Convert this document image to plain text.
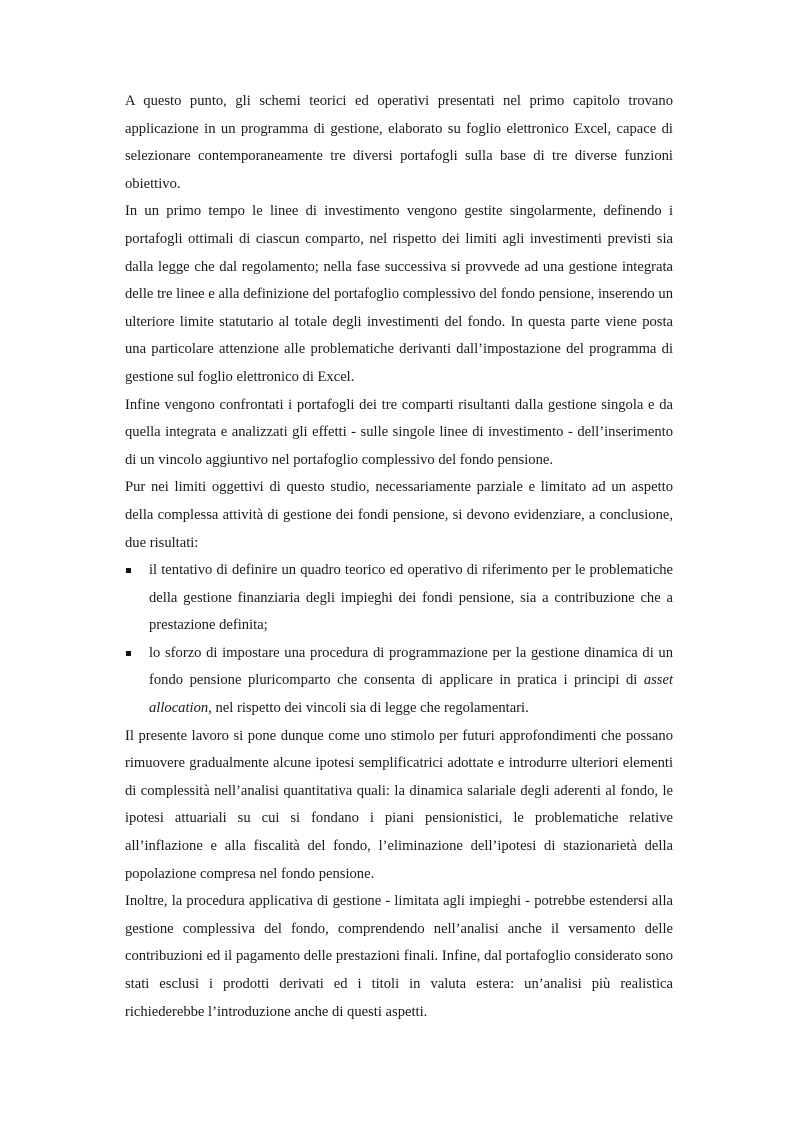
A questo punto, gli schemi teorici ed operativi presentati nel primo capitolo trovano applicazione in un programma di gestione, elaborato su foglio elettronico Excel, capace di selezionare contemporaneamente tre diversi portafogli sulla base di tre diverse funzioni obiettivo.

In un primo tempo le linee di investimento vengono gestite singolarmente, definendo i portafogli ottimali di ciascun comparto, nel rispetto dei limiti agli investimenti previsti sia dalla legge che dal regolamento; nella fase successiva si provvede ad una gestione integrata delle tre linee e alla definizione del portafoglio complessivo del fondo pensione, inserendo un ulteriore limite statutario al totale degli investimenti del fondo. In questa parte viene posta una particolare attenzione alle problematiche derivanti dall’impostazione del programma di gestione sul foglio elettronico di Excel.

Infine vengono confrontati i portafogli dei tre comparti risultanti dalla gestione singola e da quella integrata e analizzati gli effetti - sulle singole linee di investimento - dell’inserimento di un vincolo aggiuntivo nel portafoglio complessivo del fondo pensione.

Pur nei limiti oggettivi di questo studio, necessariamente parziale e limitato ad un aspetto della complessa attività di gestione dei fondi pensione, si devono evidenziare, a conclusione, due risultati:

il tentativo di definire un quadro teorico ed operativo di riferimento per le problematiche della gestione finanziaria degli impieghi dei fondi pensione, sia a contribuzione che a prestazione definita;
lo sforzo di impostare una procedura di programmazione per la gestione dinamica di un fondo pensione pluricomparto che consenta di applicare in pratica i principi di asset allocation, nel rispetto dei vincoli sia di legge che regolamentari.

Il presente lavoro si pone dunque come uno stimolo per futuri approfondimenti che possano rimuovere gradualmente alcune ipotesi semplificatrici adottate e introdurre ulteriori elementi di complessità nell’analisi quantitativa quali: la dinamica salariale degli aderenti al fondo, le ipotesi attuariali su cui si fondano i piani pensionistici, le problematiche relative all’inflazione e alla fiscalità del fondo, l’eliminazione dell’ipotesi di stazionarietà della popolazione compresa nel fondo pensione.

Inoltre, la procedura applicativa di gestione - limitata agli impieghi - potrebbe estendersi alla gestione complessiva del fondo, comprendendo nell’analisi anche il versamento delle contribuzioni ed il pagamento delle prestazioni finali. Infine, dal portafoglio considerato sono stati esclusi i prodotti derivati ed i titoli in valuta estera: un’analisi più realistica richiederebbe l’introduzione anche di questi aspetti.
